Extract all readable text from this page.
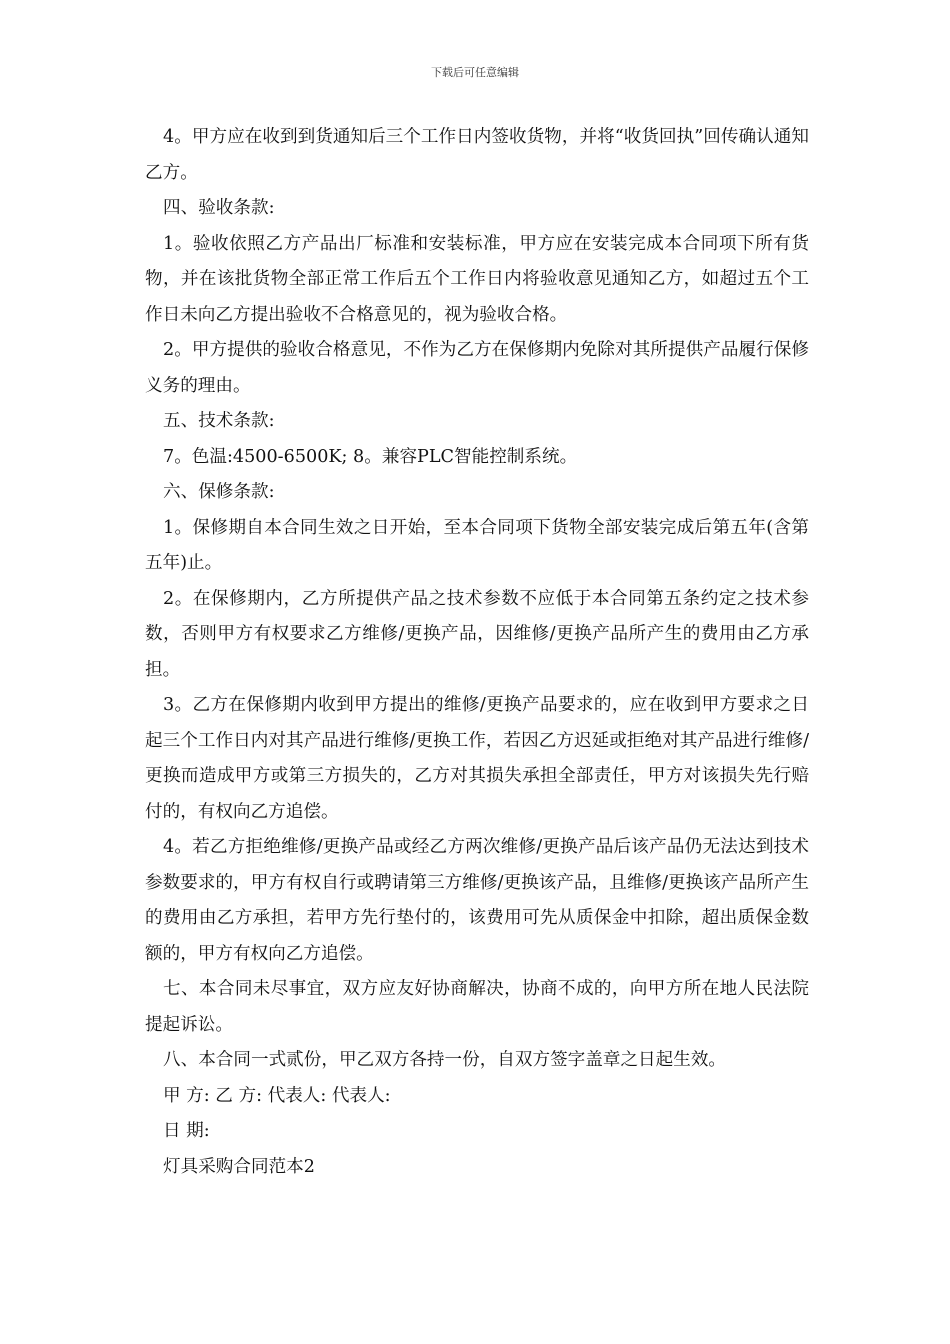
下载后可任意编辑

4。甲方应在收到到货通知后三个工作日内签收货物，并将“收货回执”回传确认通知乙方。

四、验收条款:

1。验收依照乙方产品出厂标准和安装标准，甲方应在安装完成本合同项下所有货物，并在该批货物全部正常工作后五个工作日内将验收意见通知乙方，如超过五个工作日未向乙方提出验收不合格意见的，视为验收合格。

2。甲方提供的验收合格意见，不作为乙方在保修期内免除对其所提供产品履行保修义务的理由。

五、技术条款:

7。色温:4500-6500K; 8。兼容PLC智能控制系统。

六、保修条款:

1。保修期自本合同生效之日开始，至本合同项下货物全部安装完成后第五年(含第五年)止。

2。在保修期内，乙方所提供产品之技术参数不应低于本合同第五条约定之技术参数，否则甲方有权要求乙方维修/更换产品，因维修/更换产品所产生的费用由乙方承担。

3。乙方在保修期内收到甲方提出的维修/更换产品要求的，应在收到甲方要求之日起三个工作日内对其产品进行维修/更换工作，若因乙方迟延或拒绝对其产品进行维修/更换而造成甲方或第三方损失的，乙方对其损失承担全部责任，甲方对该损失先行赔付的，有权向乙方追偿。

4。若乙方拒绝维修/更换产品或经乙方两次维修/更换产品后该产品仍无法达到技术参数要求的，甲方有权自行或聘请第三方维修/更换该产品，且维修/更换该产品所产生的费用由乙方承担，若甲方先行垫付的，该费用可先从质保金中扣除，超出质保金数额的，甲方有权向乙方追偿。

七、本合同未尽事宜，双方应友好协商解决，协商不成的，向甲方所在地人民法院提起诉讼。

八、本合同一式贰份，甲乙双方各持一份，自双方签字盖章之日起生效。

甲 方: 乙 方: 代表人: 代表人:

日 期:

灯具采购合同范本2
